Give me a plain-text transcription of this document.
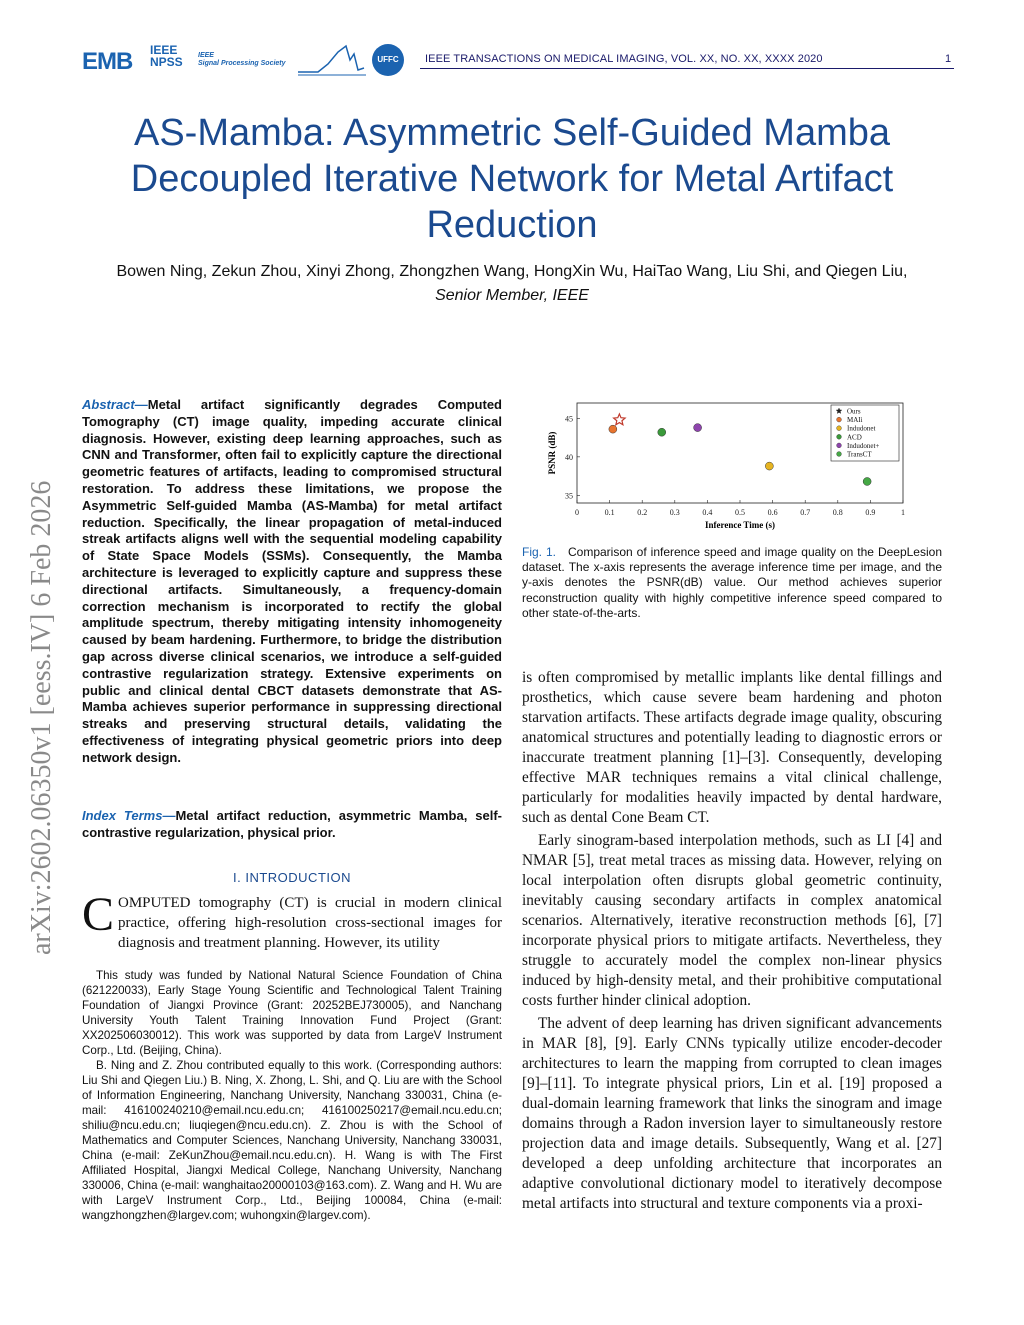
EMB IEEE
NPSS IEEE
Signal Processing Society	UFFC	IEEE TRANSACTIONS ON MEDICAL IMAGING, VOL. XX, NO. XX, XXXX 2020	1
AS-Mamba: Asymmetric Self-Guided Mamba Decoupled Iterative Network for Metal Artifact Reduction
Bowen Ning, Zekun Zhou, Xinyi Zhong, Zhongzhen Wang, HongXin Wu, HaiTao Wang, Liu Shi, and Qiegen Liu, Senior Member, IEEE
arXiv:2602.06350v1 [eess.IV] 6 Feb 2026
Abstract—Metal artifact significantly degrades Computed Tomography (CT) image quality, impeding accurate clinical diagnosis. However, existing deep learning approaches, such as CNN and Transformer, often fail to explicitly capture the directional geometric features of artifacts, leading to compromised structural restoration. To address these limitations, we propose the Asymmetric Self-guided Mamba (AS-Mamba) for metal artifact reduction. Specifically, the linear propagation of metal-induced streak artifacts aligns well with the sequential modeling capability of State Space Models (SSMs). Consequently, the Mamba architecture is leveraged to explicitly capture and suppress these directional artifacts. Simultaneously, a frequency-domain correction mechanism is incorporated to rectify the global amplitude spectrum, thereby mitigating intensity inhomogeneity caused by beam hardening. Furthermore, to bridge the distribution gap across diverse clinical scenarios, we introduce a self-guided contrastive regularization strategy. Extensive experiments on public and clinical dental CBCT datasets demonstrate that AS-Mamba achieves superior performance in suppressing directional streaks and preserving structural details, validating the effectiveness of integrating physical geometric priors into deep network design.
Index Terms—Metal artifact reduction, asymmetric Mamba, self-contrastive regularization, physical prior.
I. INTRODUCTION
COMPUTED tomography (CT) is crucial in modern clinical practice, offering high-resolution cross-sectional images for diagnosis and treatment planning. However, its utility

This study was funded by National Natural Science Foundation of China (621220033), Early Stage Young Scientific and Technological Talent Training Foundation of Jiangxi Province (Grant: 20252BEJ730005), and Nanchang University Youth Talent Training Innovation Fund Project (Grant: XX202506030012). This work was supported by data from LargeV Instrument Corp., Ltd. (Beijing, China).

B. Ning and Z. Zhou contributed equally to this work. (Corresponding authors: Liu Shi and Qiegen Liu.) B. Ning, X. Zhong, L. Shi, and Q. Liu are with the School of Information Engineering, Nanchang University, Nanchang 330031, China (e-mail: 416100240210@email.ncu.edu.cn; 416100250217@email.ncu.edu.cn; shiliu@ncu.edu.cn; liuqiegen@ncu.edu.cn). Z. Zhou is with the School of Mathematics and Computer Sciences, Nanchang University, Nanchang 330031, China (e-mail: ZeKunZhou@email.ncu.edu.cn). H. Wang is with The First Affiliated Hospital, Jiangxi Medical College, Nanchang University, Nanchang 330006, China (e-mail: wanghaitao20000103@163.com). Z. Wang and H. Wu are with LargeV Instrument Corp., Ltd., Beijing 100084, China (e-mail: wangzhongzhen@largev.com; wuhongxin@largev.com).

0	0.1	0.2	0.3	0.4	0.5	0.6	0.7	0.8	0.9	1
35
40
45
Inference Time (s)
PSNR (dB)
Ours
MAIi
Indudonet
ACD
Indudonet+
TransCT
Fig. 1. Comparison of inference speed and image quality on the DeepLesion dataset. The x-axis represents the average inference time per image, and the y-axis denotes the PSNR(dB) value. Our method achieves superior reconstruction quality with highly competitive inference speed compared to other state-of-the-arts.

is often compromised by metallic implants like dental fillings and prosthetics, which cause severe beam hardening and photon starvation artifacts. These artifacts degrade image quality, obscuring anatomical structures and potentially leading to diagnostic errors or inaccurate treatment planning [1]–[3]. Consequently, developing effective MAR techniques remains a vital clinical challenge, particularly for modalities heavily impacted by dental hardware, such as dental Cone Beam CT.

Early sinogram-based interpolation methods, such as LI [4] and NMAR [5], treat metal traces as missing data. However, relying on local interpolation often disrupts global geometric continuity, inevitably causing secondary artifacts in complex anatomical scenarios. Alternatively, iterative reconstruction methods [6], [7] incorporate physical priors to mitigate artifacts. Nevertheless, they struggle to accurately model the complex non-linear physics induced by high-density metal, and their prohibitive computational costs further hinder clinical adoption.

The advent of deep learning has driven significant advancements in MAR [8], [9]. Early CNNs typically utilize encoder-decoder architectures to learn the mapping from corrupted to clean images [9]–[11]. To integrate physical priors, Lin et al. [19] proposed a dual-domain learning framework that links the sinogram and image domains through a Radon inversion layer to simultaneously restore projection data and image details. Subsequently, Wang et al. [27] developed a deep unfolding architecture that incorporates an adaptive convolutional dictionary model to iteratively decompose metal artifacts into structural and texture components via a proxi-
